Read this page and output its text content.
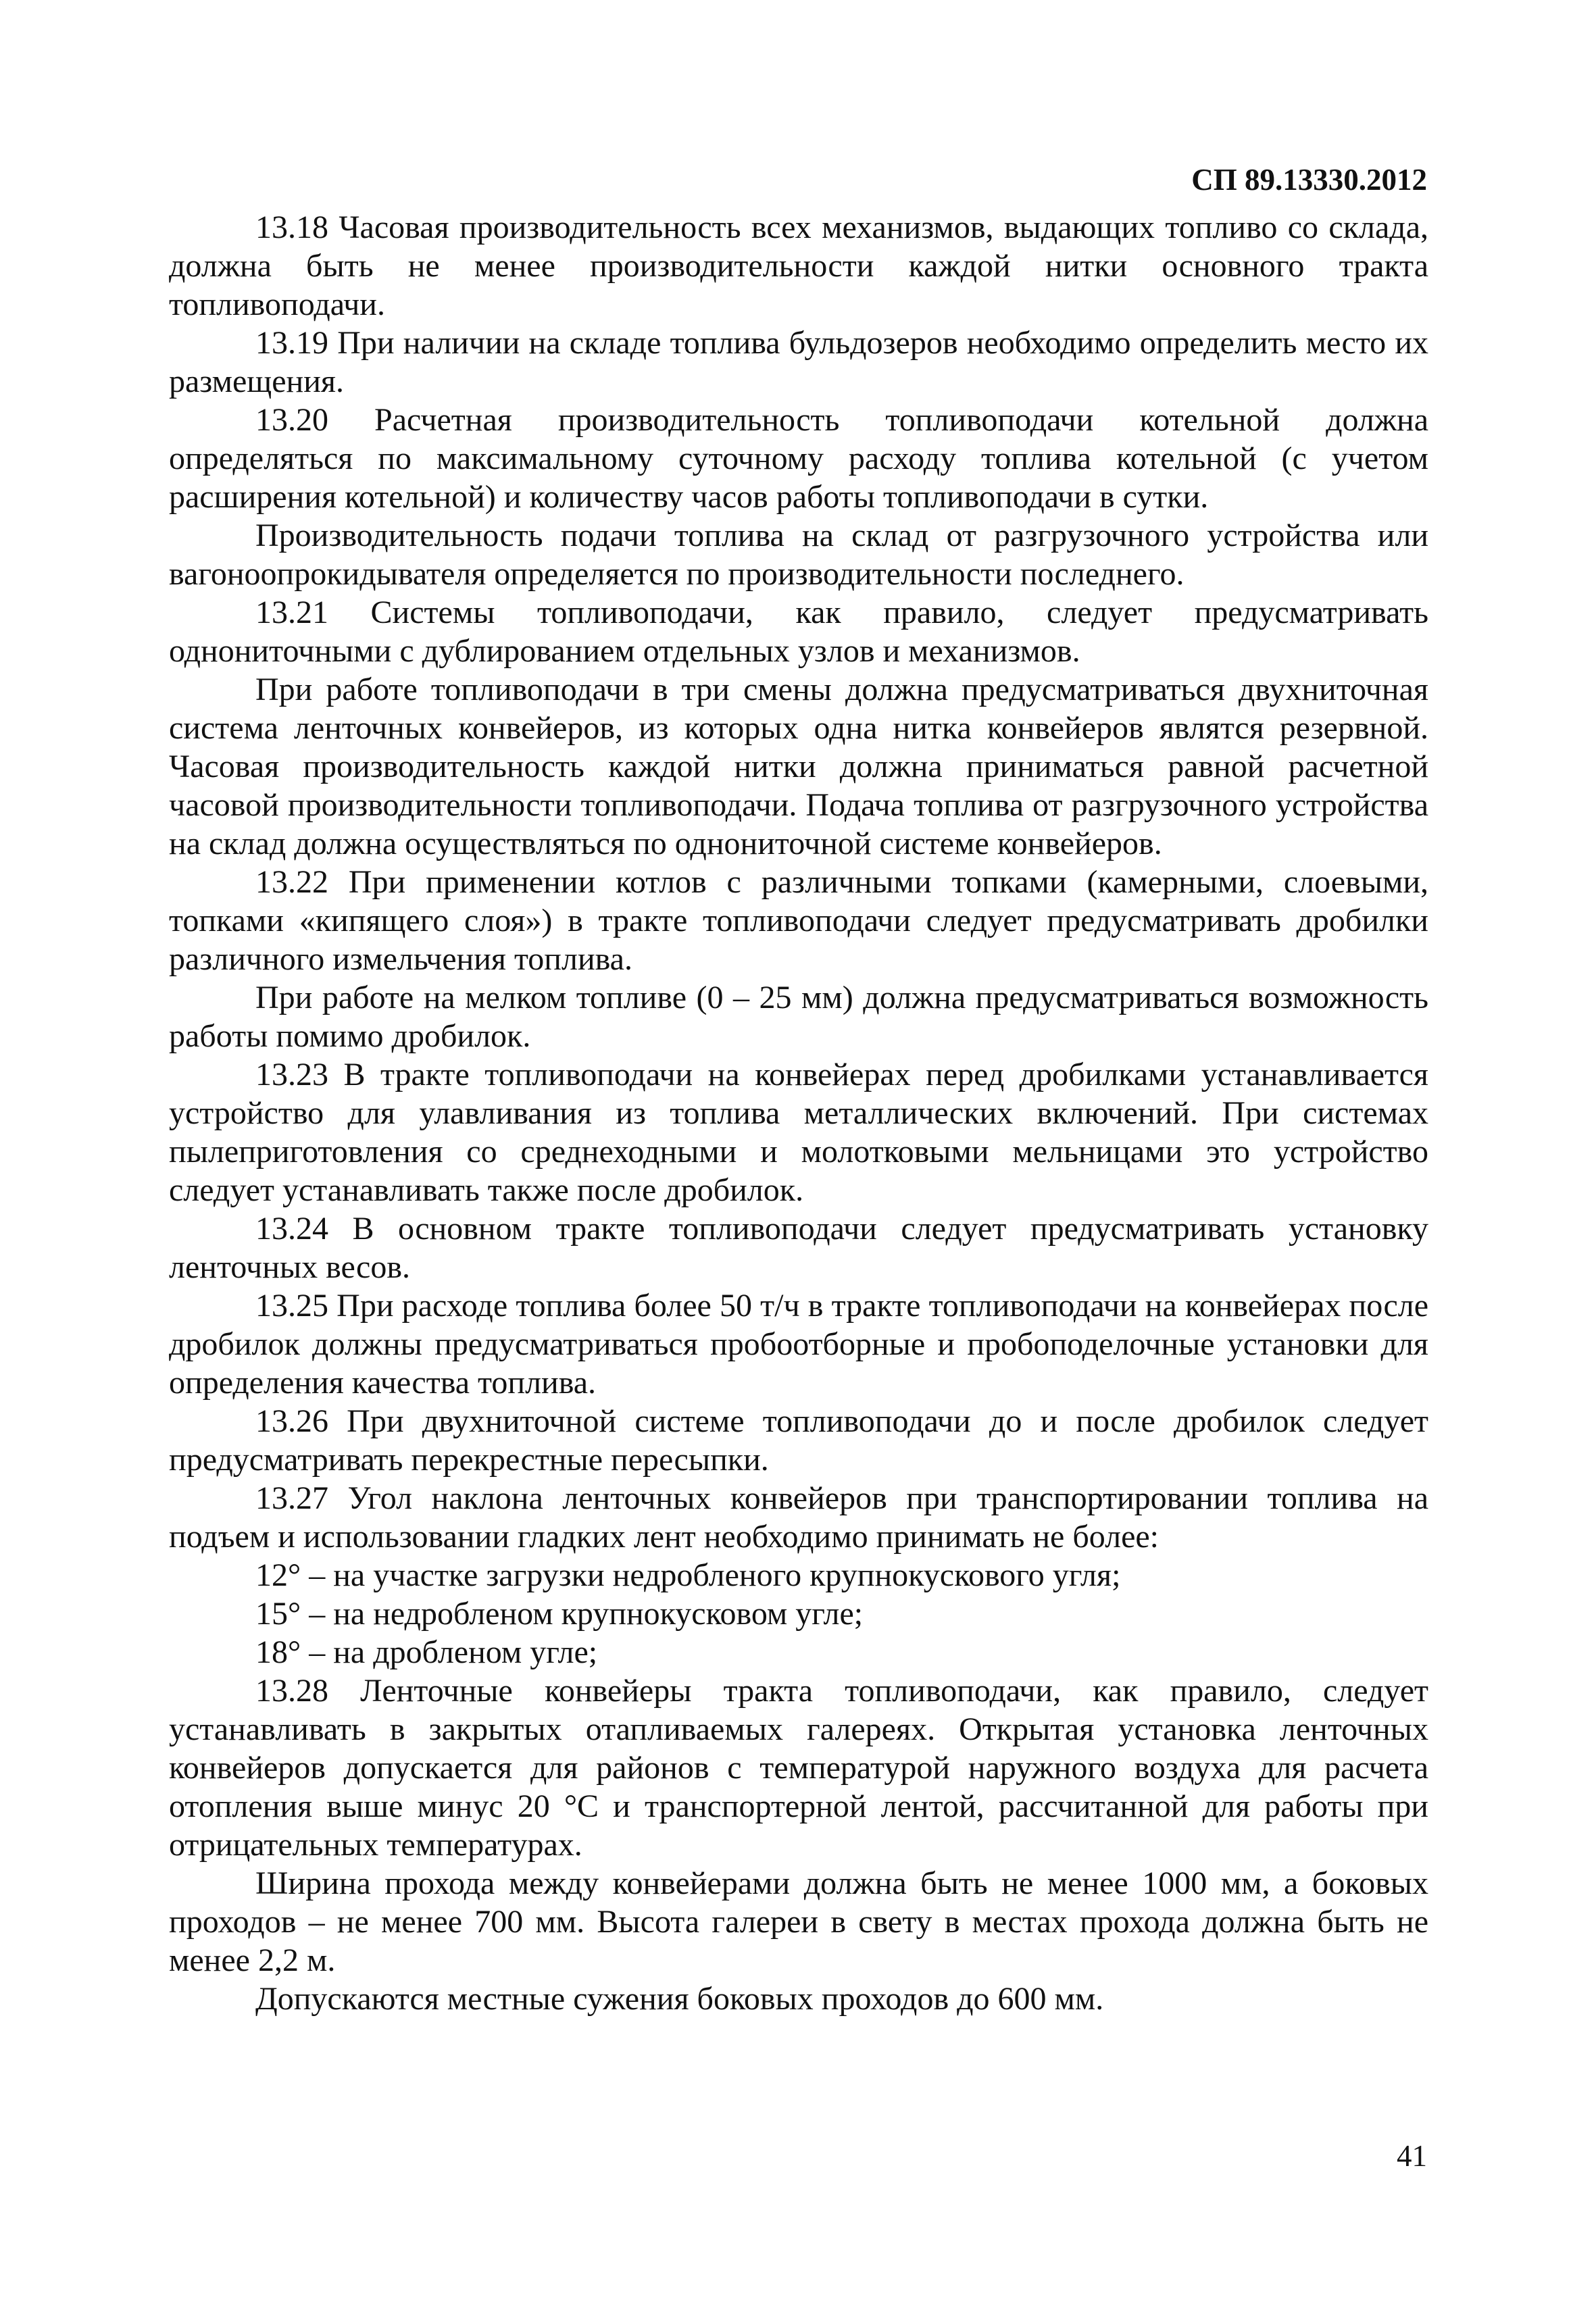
СП 89.13330.2012

13.18 Часовая производительность всех механизмов, выдающих топливо со склада, должна быть не менее производительности каждой нитки основного тракта топливоподачи.

13.19 При наличии на складе топлива бульдозеров необходимо определить место их размещения.

13.20 Расчетная производительность топливоподачи котельной должна определяться по максимальному суточному расходу топлива котельной (с учетом расширения котельной) и количеству часов работы топливоподачи в сутки.

Производительность подачи топлива на склад от разгрузочного устройства или вагоноопрокидывателя определяется по производительности последнего.

13.21 Системы топливоподачи, как правило, следует предусматривать однониточными с дублированием отдельных узлов и механизмов.

При работе топливоподачи в три смены должна предусматриваться двухниточная система ленточных конвейеров, из которых одна нитка конвейеров являтся резервной. Часовая производительность каждой нитки должна приниматься равной расчетной часовой производительности топливоподачи. Подача топлива от разгрузочного устройства на склад должна осуществляться по однониточной системе конвейеров.

13.22 При применении котлов с различными топками (камерными, слоевыми, топками «кипящего слоя») в тракте топливоподачи следует предусматривать дробилки различного измельчения топлива.

При работе на мелком топливе (0 – 25 мм) должна предусматриваться возможность работы помимо дробилок.

13.23 В тракте топливоподачи на конвейерах перед дробилками устанавливается устройство для улавливания из топлива металлических включений. При системах пылеприготовления со среднеходными и молотковыми мельницами это устройство следует устанавливать также после дробилок.

13.24 В основном тракте топливоподачи следует предусматривать установку ленточных весов.

13.25 При расходе топлива более 50 т/ч в тракте топливоподачи на конвейерах после дробилок должны предусматриваться пробоотборные и пробоподелочные установки для определения качества топлива.

13.26 При двухниточной системе топливоподачи до и после дробилок следует предусматривать перекрестные пересыпки.

13.27 Угол наклона ленточных конвейеров при транспортировании топлива на подъем и использовании гладких лент необходимо принимать не более:

12° – на участке загрузки недробленого крупнокускового угля;

15° – на недробленом крупнокусковом угле;

18° – на дробленом угле;

13.28 Ленточные конвейеры тракта топливоподачи, как правило, следует устанавливать в закрытых отапливаемых галереях. Открытая установка ленточных конвейеров допускается для районов с температурой наружного воздуха для расчета отопления выше минус 20 °С и транспортерной лентой, рассчитанной для работы при отрицательных температурах.

Ширина прохода между конвейерами должна быть не менее 1000 мм, а боковых проходов – не менее 700 мм. Высота галереи в свету в местах прохода должна быть не менее 2,2 м.

Допускаются местные сужения боковых проходов до 600 мм.

41
